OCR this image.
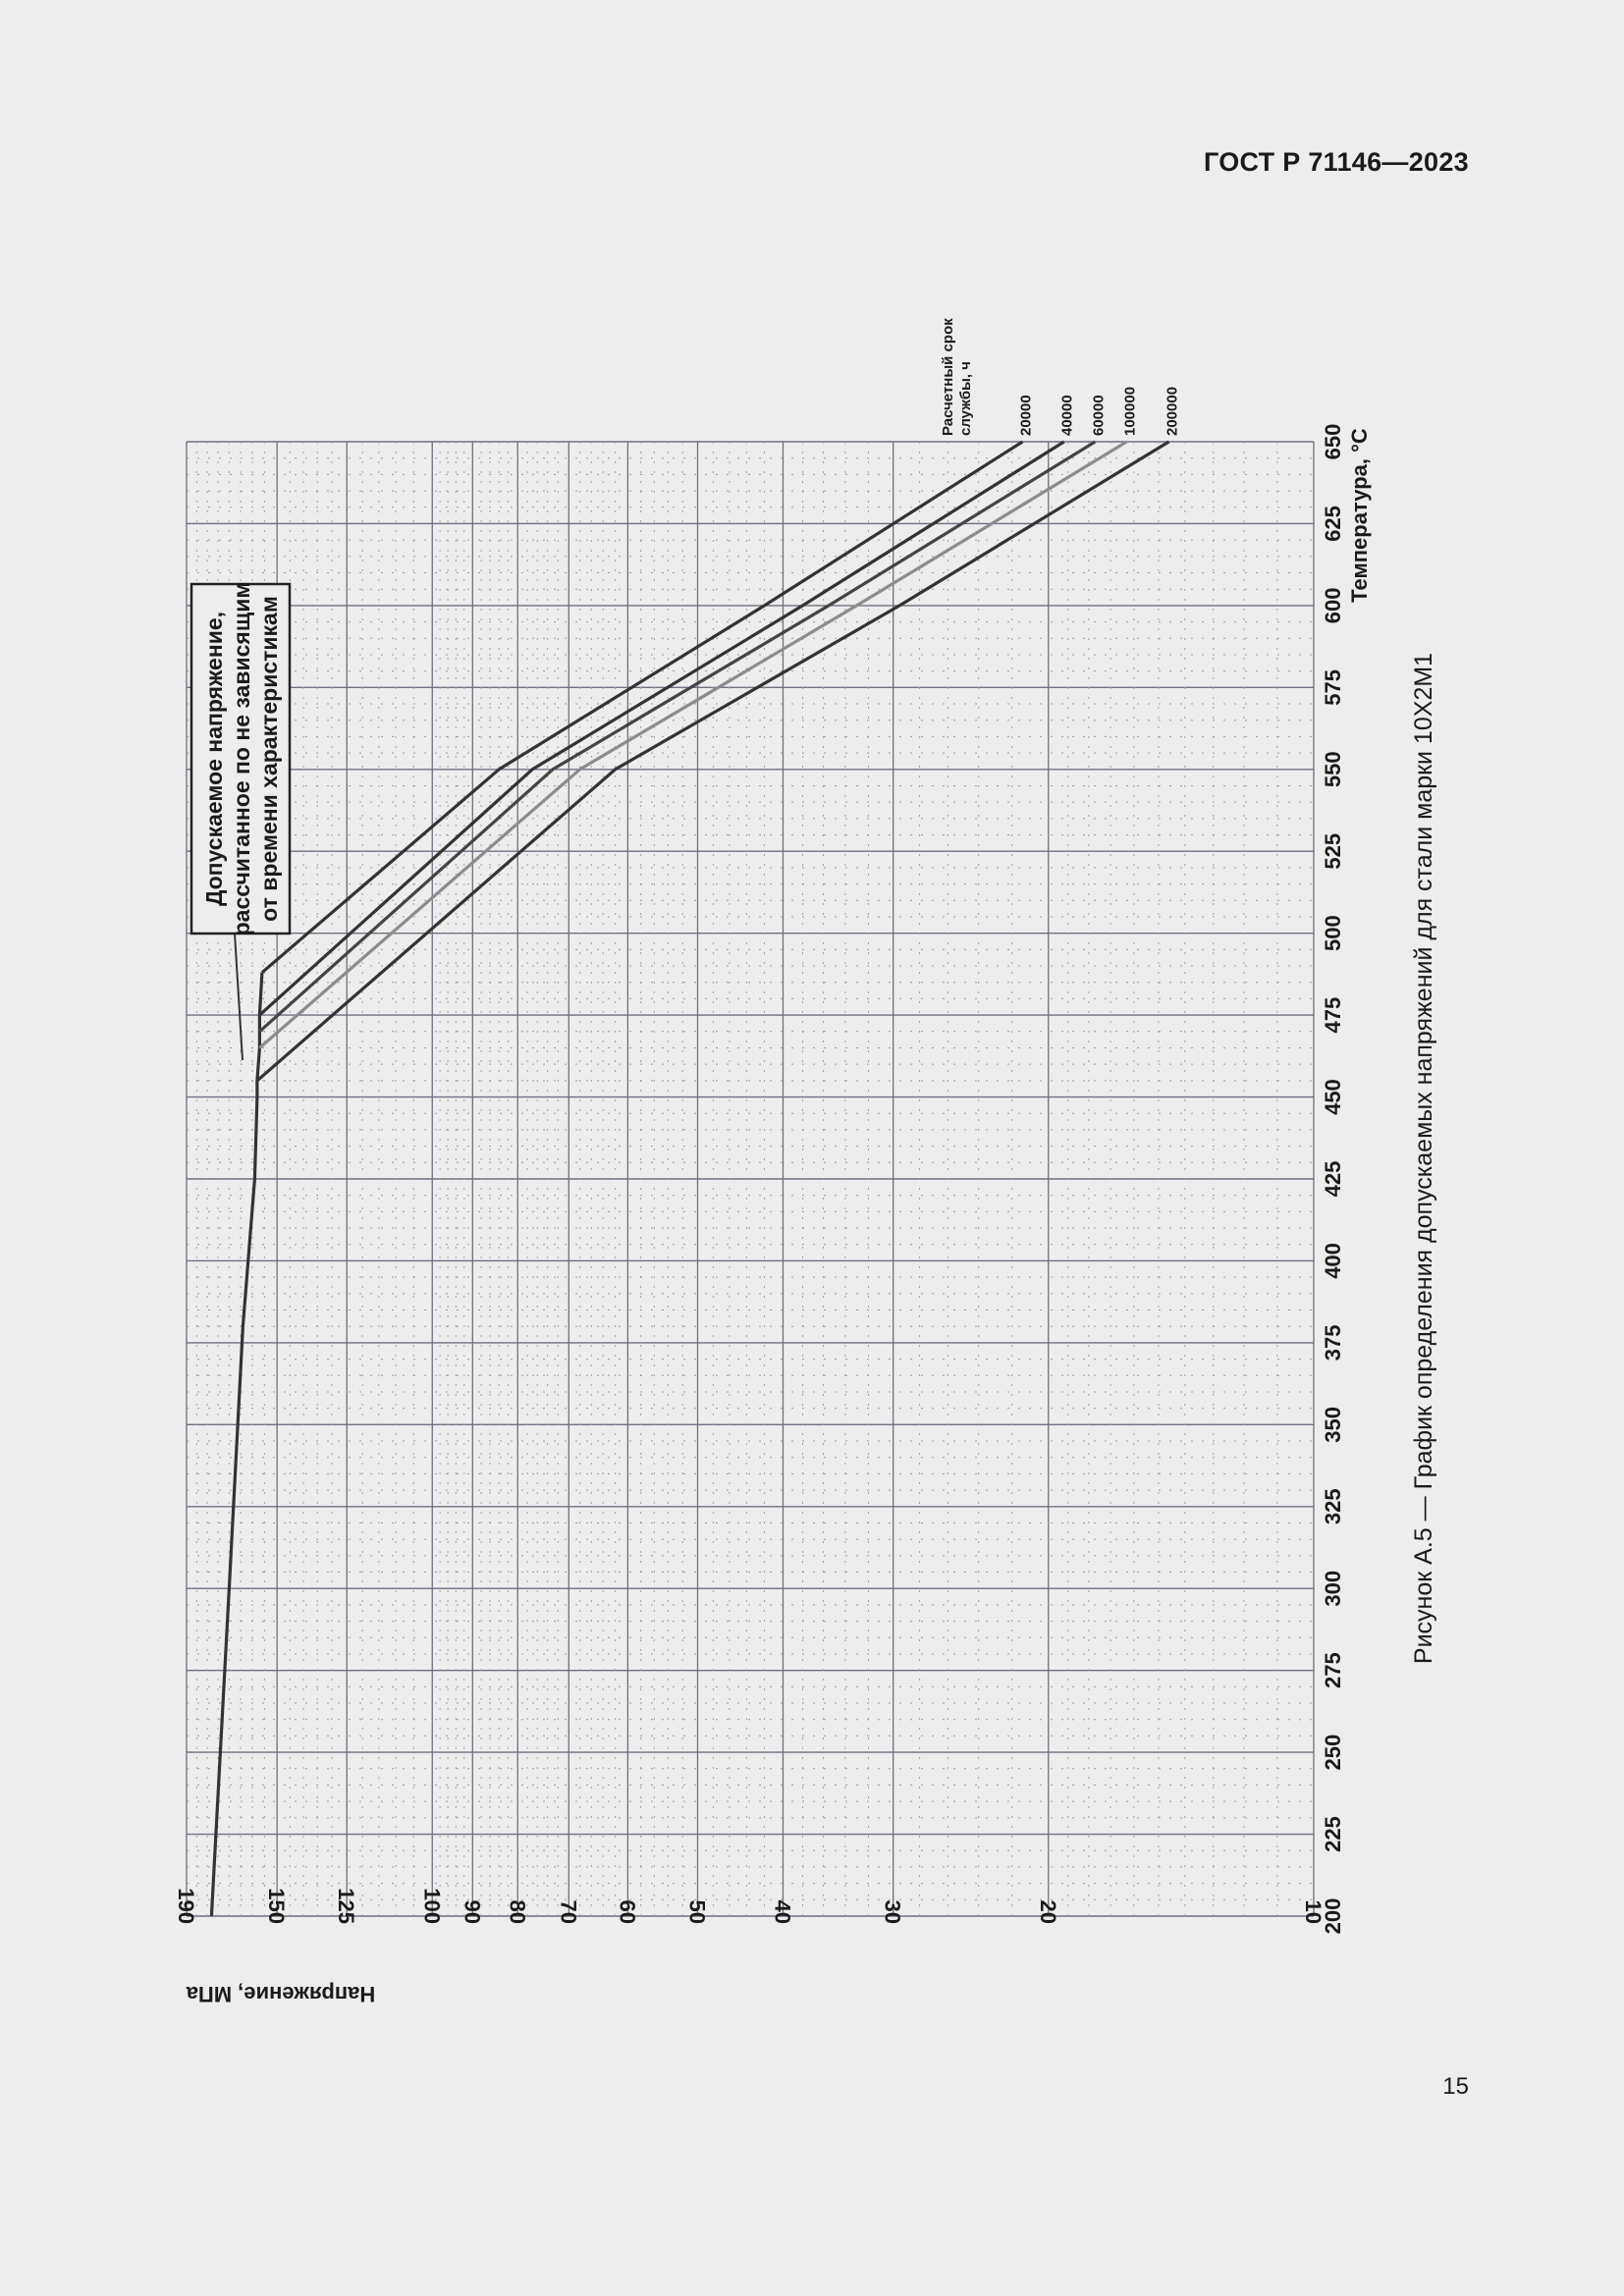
ГОСТ Р 71146—2023
200
225
250
275
300
325
350
375
400
425
450
475
500
525
550
575
600
625
650
10
20
30
40
50
60
70
80
90
100
125
150
190
Расчетный срок службы, ч	20000 40000 60000 100000 200000
Допускаемое напряжение, рассчитанное по не зависящим от времени характеристикам
Напряжение, МПа
Температура, °С
Рисунок А.5 — График определения допускаемых напряжений для стали марки 10Х2М1
15
